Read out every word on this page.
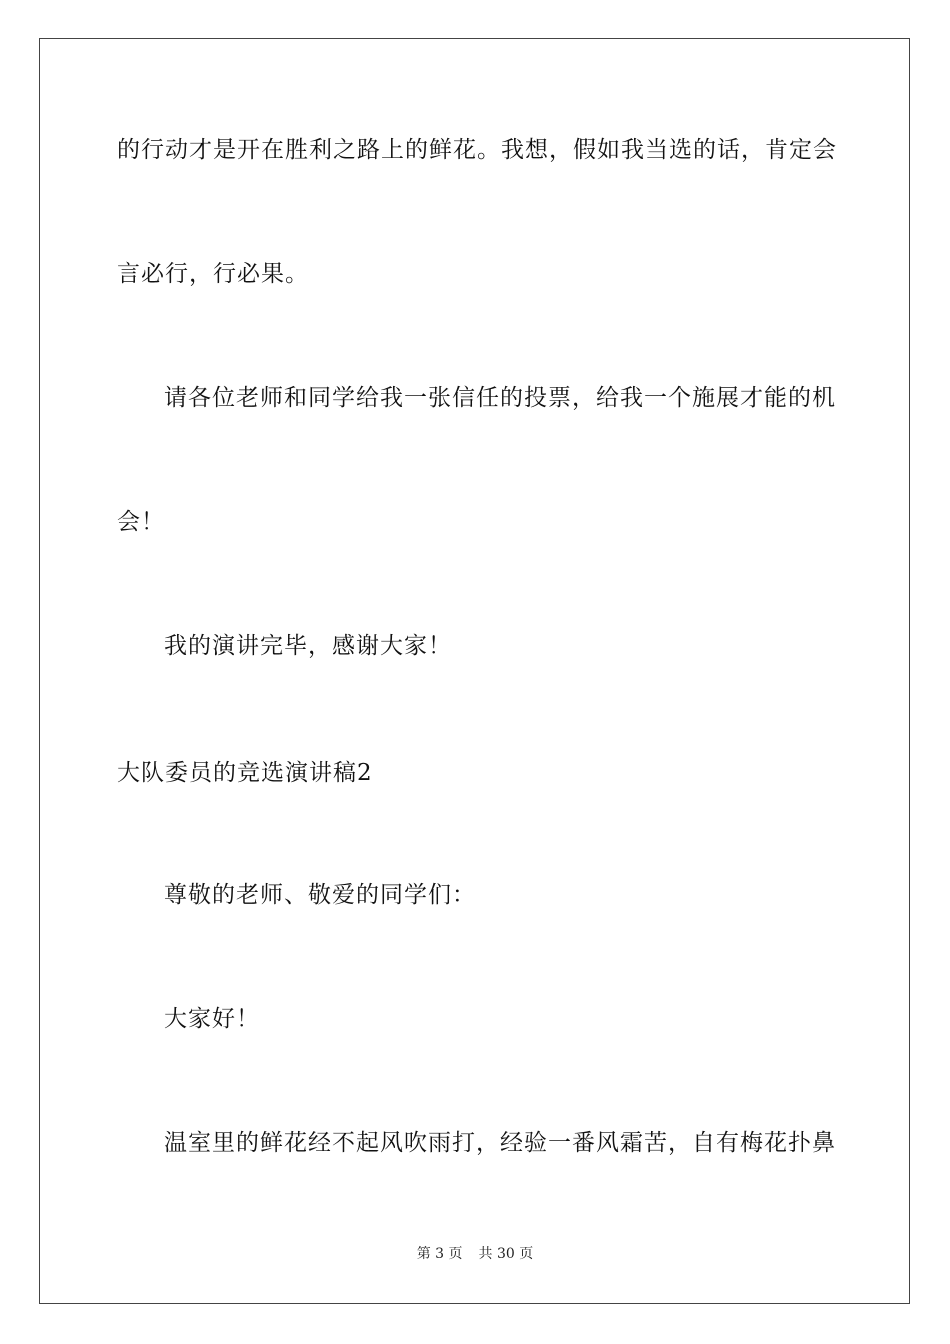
的行动才是开在胜利之路上的鲜花。我想，假如我当选的话，肯定会
言必行，行必果。
请各位老师和同学给我一张信任的投票，给我一个施展才能的机
会！
我的演讲完毕，感谢大家！
大队委员的竞选演讲稿2
尊敬的老师、敬爱的同学们：
大家好！
温室里的鲜花经不起风吹雨打，经验一番风霜苦，自有梅花扑鼻
第 3 页 共 30 页
